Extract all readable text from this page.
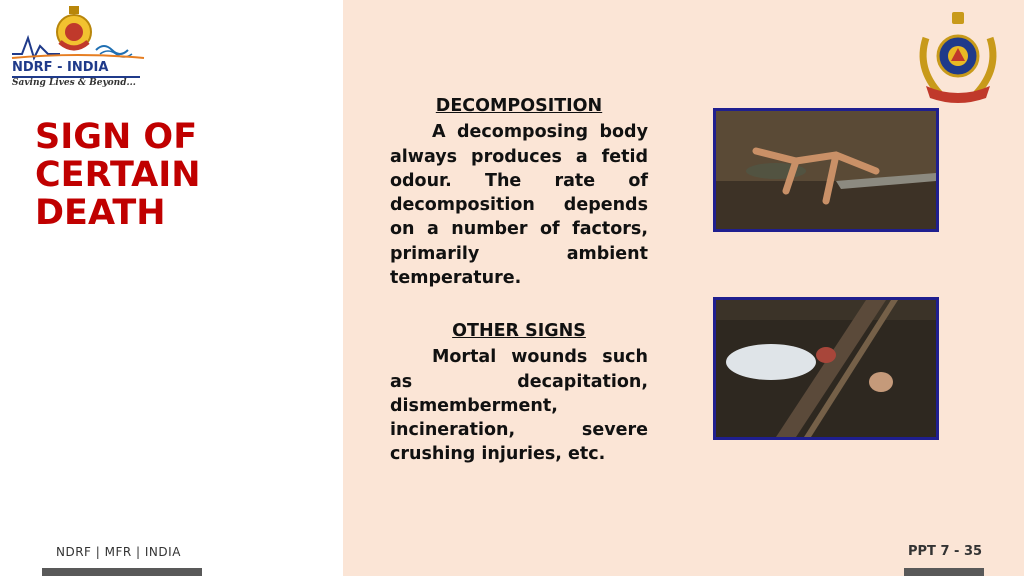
NDRF - INDIA
Saving Lives & Beyond...
SIGN OF
CERTAIN
DEATH

DECOMPOSITION

A decomposing body always produces a fetid odour. The rate of decomposition depends on a number of factors, primarily ambient temperature.

OTHER SIGNS

Mortal wounds such as decapitation, dismemberment, incineration, severe crushing injuries, etc.

NDRF | MFR | INDIA	PPT 7 - 35
